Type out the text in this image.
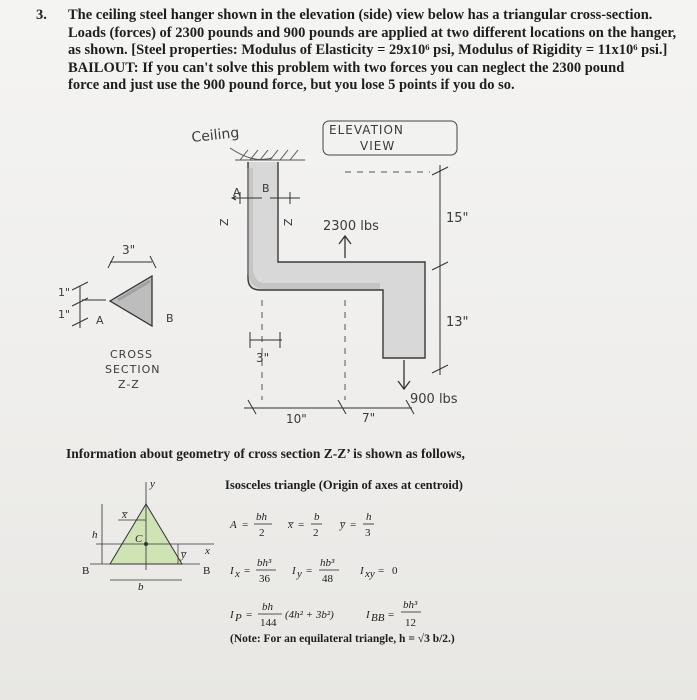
3. The ceiling steel hanger shown in the elevation (side) view below has a triangular cross-section.
Loads (forces) of 2300 pounds and 900 pounds are applied at two different locations on the hanger,
as shown. [Steel properties: Modulus of Elasticity = 29x10⁶ psi, Modulus of Rigidity = 11x10⁶ psi.]
BAILOUT: If you can't solve this problem with two forces you can neglect the 2300 pound
force and just use the 900 pound force, but you lose 5 points if you do so.
Ceiling	ELEVATION
VIEW
A B
Z	Z 2300 lbs
900 lbs
15"
13"
3"
10"	7"
3"
1"
1" A	B
CROSS
SECTION
Z-Z
Information about geometry of cross section Z-Z’ is shown as follows,
Isosceles triangle (Origin of axes at centroid)
y
x
x̅
y̅
C
h
b
B	B
A =
bh
2
x̅ =
b
2
y̅ =
h
3
I x =
bh³
36
I y =
hb³
48
I xy = 0
I P =
bh
144
(4h² + 3b²)	I BB =
bh³
12
(Note: For an equilateral triangle, h = √3 b/2.)
